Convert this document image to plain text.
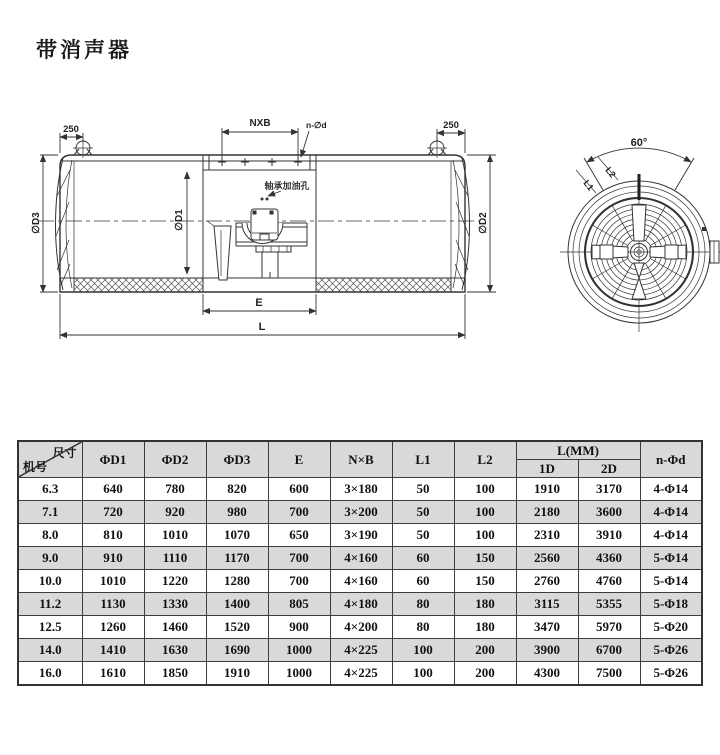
带消声器
250	250
NXB	n-∅d
∅D3	∅D1	∅D2
E
L
轴承加油孔
60°
L1
L2
尺寸
机号	ΦD1	ΦD2	ΦD3	E	N×B	L1	L2	L(MM)		n-Φd
								1D	2D	
6.3	640	780	820	600	3×180	50	100	1910	3170	4-Φ14
7.1	720	920	980	700	3×200	50	100	2180	3600	4-Φ14
8.0	810	1010	1070	650	3×190	50	100	2310	3910	4-Φ14
9.0	910	1110	1170	700	4×160	60	150	2560	4360	5-Φ14
10.0	1010	1220	1280	700	4×160	60	150	2760	4760	5-Φ14
11.2	1130	1330	1400	805	4×180	80	180	3115	5355	5-Φ18
12.5	1260	1460	1520	900	4×200	80	180	3470	5970	5-Φ20
14.0	1410	1630	1690	1000	4×225	100	200	3900	6700	5-Φ26
16.0	1610	1850	1910	1000	4×225	100	200	4300	7500	5-Φ26
